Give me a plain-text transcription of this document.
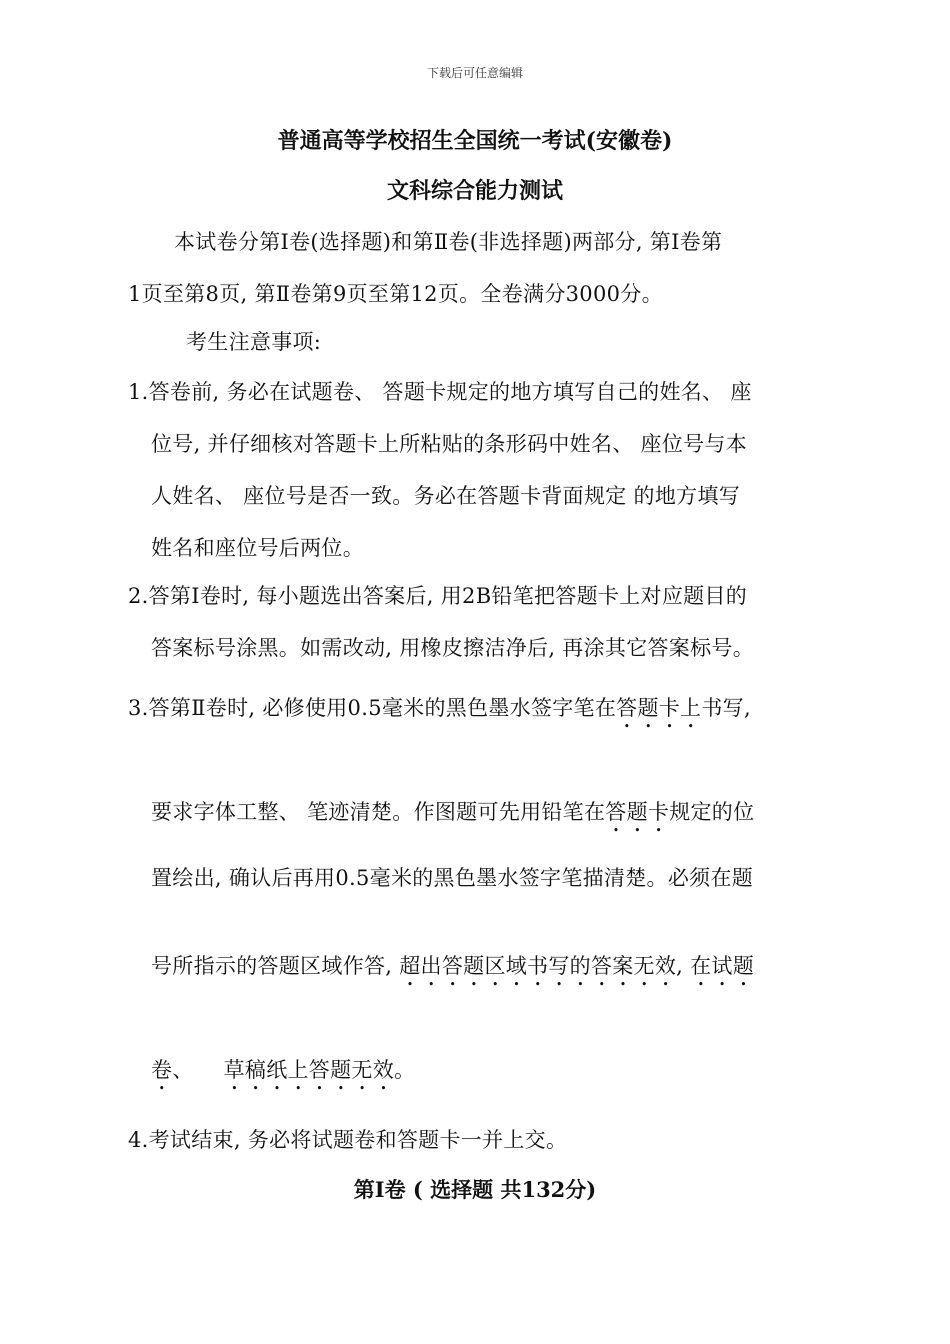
下载后可任意编辑
普通高等学校招生全国统一考试(安徽卷)
文科综合能力测试
本试卷分第Ⅰ卷(选择题)和第Ⅱ卷(非选择题)两部分, 第Ⅰ卷第
1页至第8页, 第Ⅱ卷第9页至第12页。全卷满分3000分。
考生注意事项:
1.答卷前, 务必在试题卷、 答题卡规定的地方填写自己的姓名、 座
位号, 并仔细核对答题卡上所粘贴的条形码中姓名、 座位号与本
人姓名、 座位号是否一致。务必在答题卡背面规定 的地方填写
姓名和座位号后两位。
2.答第Ⅰ卷时, 每小题选出答案后, 用2B铅笔把答题卡上对应题目的
答案标号涂黑。如需改动, 用橡皮擦洁净后, 再涂其它答案标号。
3.答第Ⅱ卷时, 必修使用0.5毫米的黑色墨水签字笔在答题卡上书写,
要求字体工整、 笔迹清楚。作图题可先用铅笔在答题卡规定的位
置绘出, 确认后再用0.5毫米的黑色墨水签字笔描清楚。必须在题
号所指示的答题区域作答, 超出答题区域书写的答案无效, 在试题
卷、 草稿纸上答题无效。
4.考试结束, 务必将试题卷和答题卡一并上交。
第Ⅰ卷 ( 选择题 共132分)
